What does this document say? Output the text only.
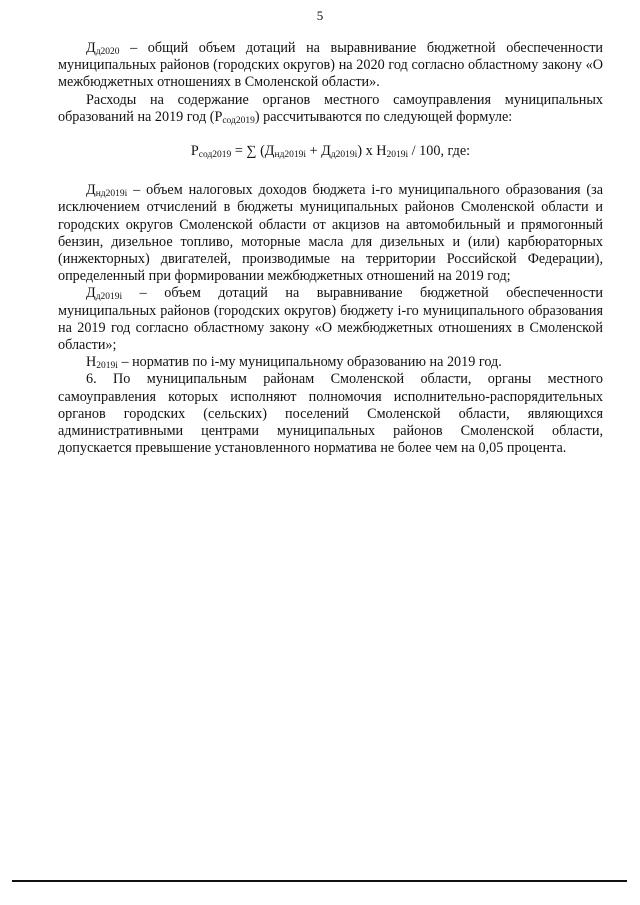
5

$Д_{д2020}$ – общий объем дотаций на выравнивание бюджетной обеспеченности муниципальных районов (городских округов) на 2020 год согласно областному закону «О межбюджетных отношениях в Смоленской области».

Расходы на содержание органов местного самоуправления муниципальных образований на 2019 год $(Р_{сод2019})$ рассчитываются по следующей формуле:

$Р_{сод2019}$ = ∑ $(Д_{нд2019i} + Д_{д2019i})$ х $Н_{2019i} / 100$, где:

$Д_{нд2019i}$ – объем налоговых доходов бюджета i-го муниципального образования (за исключением отчислений в бюджеты муниципальных районов Смоленской области и городских округов Смоленской области от акцизов на автомобильный и прямогонный бензин, дизельное топливо, моторные масла для дизельных и (или) карбюраторных (инжекторных) двигателей, производимые на территории Российской Федерации), определенный при формировании межбюджетных отношений на 2019 год;

$Д_{д2019i}$ – объем дотаций на выравнивание бюджетной обеспеченности муниципальных районов (городских округов) бюджету i-го муниципального образования на 2019 год согласно областному закону «О межбюджетных отношениях в Смоленской области»;

$Н_{2019i}$ – норматив по i-му муниципальному образованию на 2019 год.

6. По муниципальным районам Смоленской области, органы местного самоуправления которых исполняют полномочия исполнительно-распорядительных органов городских (сельских) поселений Смоленской области, являющихся административными центрами муниципальных районов Смоленской области, допускается превышение установленного норматива не более чем на 0,05 процента.
